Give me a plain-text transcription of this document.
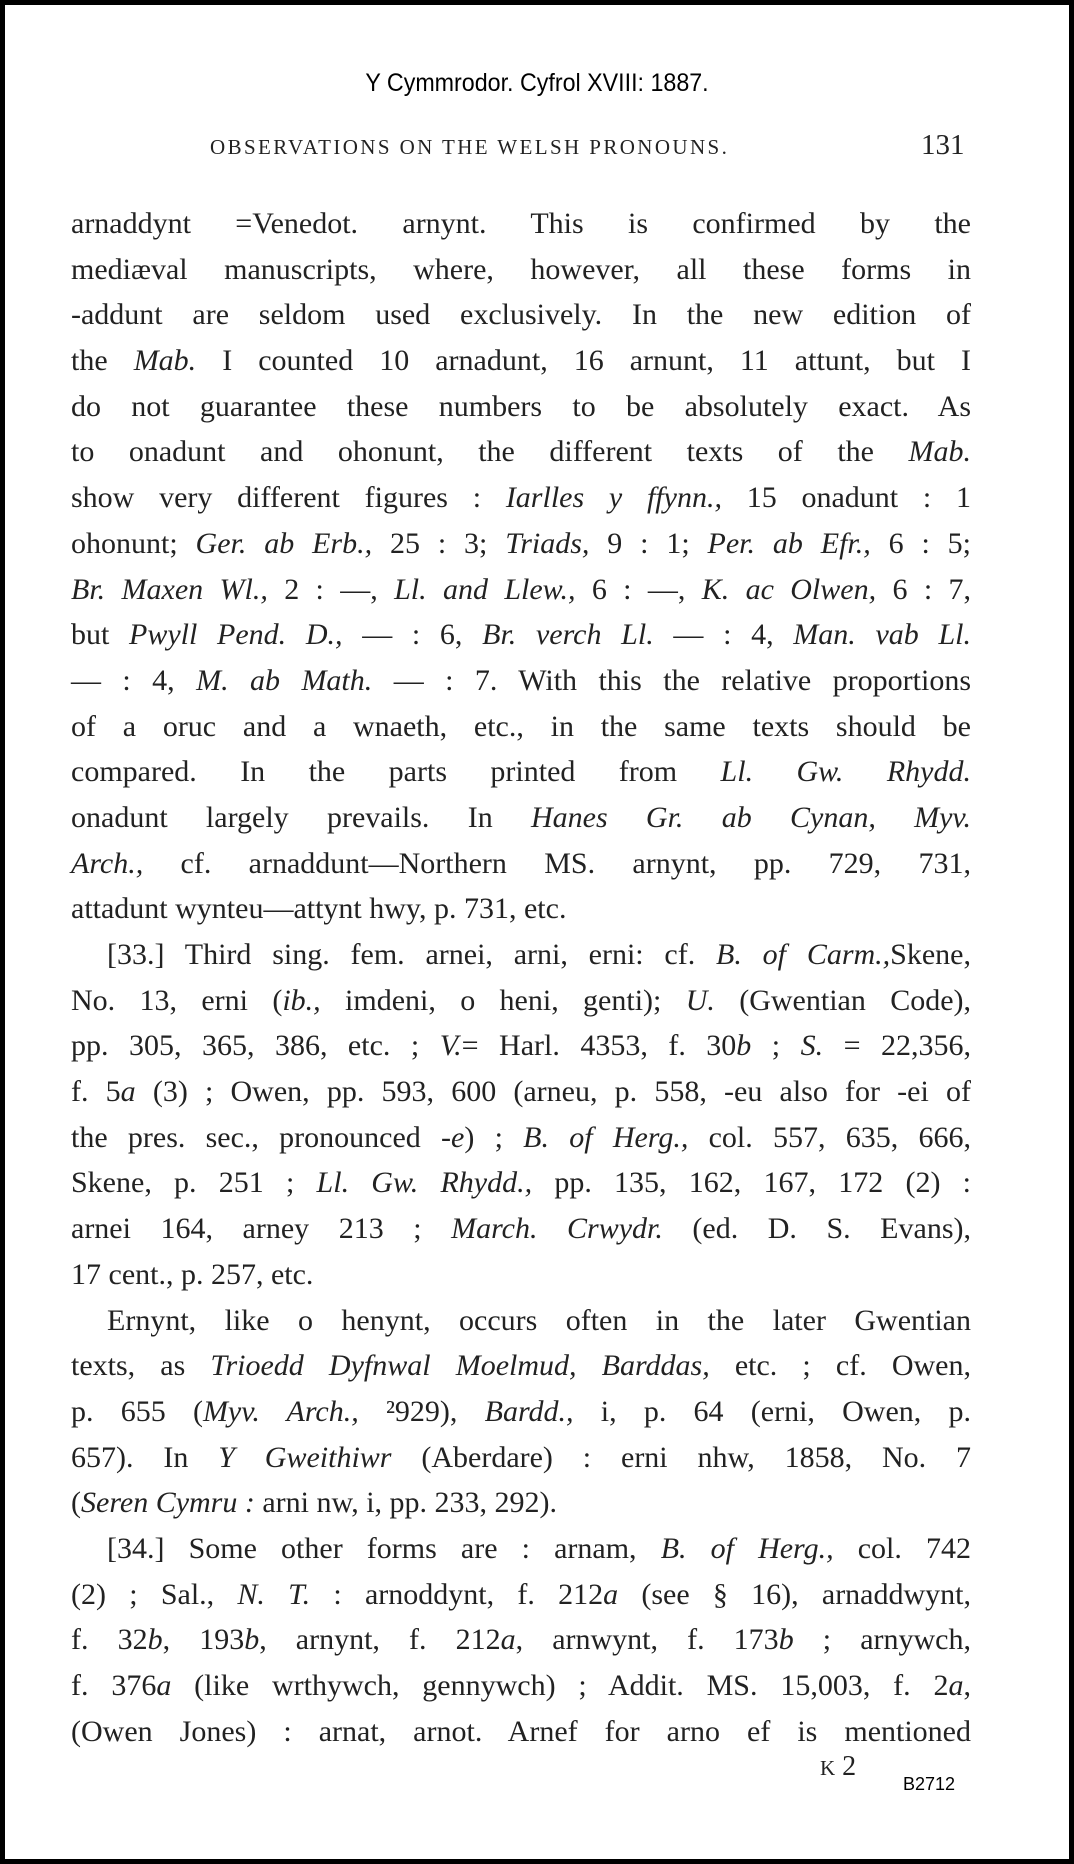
Y Cymmrodor. Cyfrol XVIII: 1887.
OBSERVATIONS ON THE WELSH PRONOUNS.	131
arnaddynt =Venedot. arnynt. This is confirmed by the
mediæval manuscripts, where, however, all these forms in
-addunt are seldom used exclusively. In the new edition of
the Mab. I counted 10 arnadunt, 16 arnunt, 11 attunt, but I
do not guarantee these numbers to be absolutely exact. As
to onadunt and ohonunt, the different texts of the Mab.
show very different figures : Iarlles y ffynn., 15 onadunt : 1
ohonunt; Ger. ab Erb., 25 : 3; Triads, 9 : 1; Per. ab Efr., 6 : 5;
Br. Maxen Wl., 2 : —, Ll. and Llew., 6 : —, K. ac Olwen, 6 : 7,
but Pwyll Pend. D., — : 6, Br. verch Ll. — : 4, Man. vab Ll.
— : 4, M. ab Math. — : 7. With this the relative proportions
of a oruc and a wnaeth, etc., in the same texts should be
compared. In the parts printed from Ll. Gw. Rhydd.
onadunt largely prevails. In Hanes Gr. ab Cynan, Myv.
Arch., cf. arnaddunt—Northern MS. arnynt, pp. 729, 731,
attadunt wynteu—attynt hwy, p. 731, etc.
[33.] Third sing. fem. arnei, arni, erni: cf. B. of Carm.,Skene,
No. 13, erni (ib., imdeni, o heni, genti); U. (Gwentian Code),
pp. 305, 365, 386, etc. ; V.= Harl. 4353, f. 30b ; S. = 22,356,
f. 5a (3) ; Owen, pp. 593, 600 (arneu, p. 558, -eu also for -ei of
the pres. sec., pronounced -e) ; B. of Herg., col. 557, 635, 666,
Skene, p. 251 ; Ll. Gw. Rhydd., pp. 135, 162, 167, 172 (2) :
arnei 164, arney 213 ; March. Crwydr. (ed. D. S. Evans),
17 cent., p. 257, etc.
Ernynt, like o henynt, occurs often in the later Gwentian
texts, as Trioedd Dyfnwal Moelmud, Barddas, etc. ; cf. Owen,
p. 655 (Myv. Arch., ²929), Bardd., i, p. 64 (erni, Owen, p.
657). In Y Gweithiwr (Aberdare) : erni nhw, 1858, No. 7
(Seren Cymru : arni nw, i, pp. 233, 292).
[34.] Some other forms are : arnam, B. of Herg., col. 742
(2) ; Sal., N. T. : arnoddynt, f. 212a (see § 16), arnaddwynt,
f. 32b, 193b, arnynt, f. 212a, arnwynt, f. 173b ; arnywch,
f. 376a (like wrthywch, gennywch) ; Addit. MS. 15,003, f. 2a,
(Owen Jones) : arnat, arnot. Arnef for arno ef is mentioned
K 2
B2712
